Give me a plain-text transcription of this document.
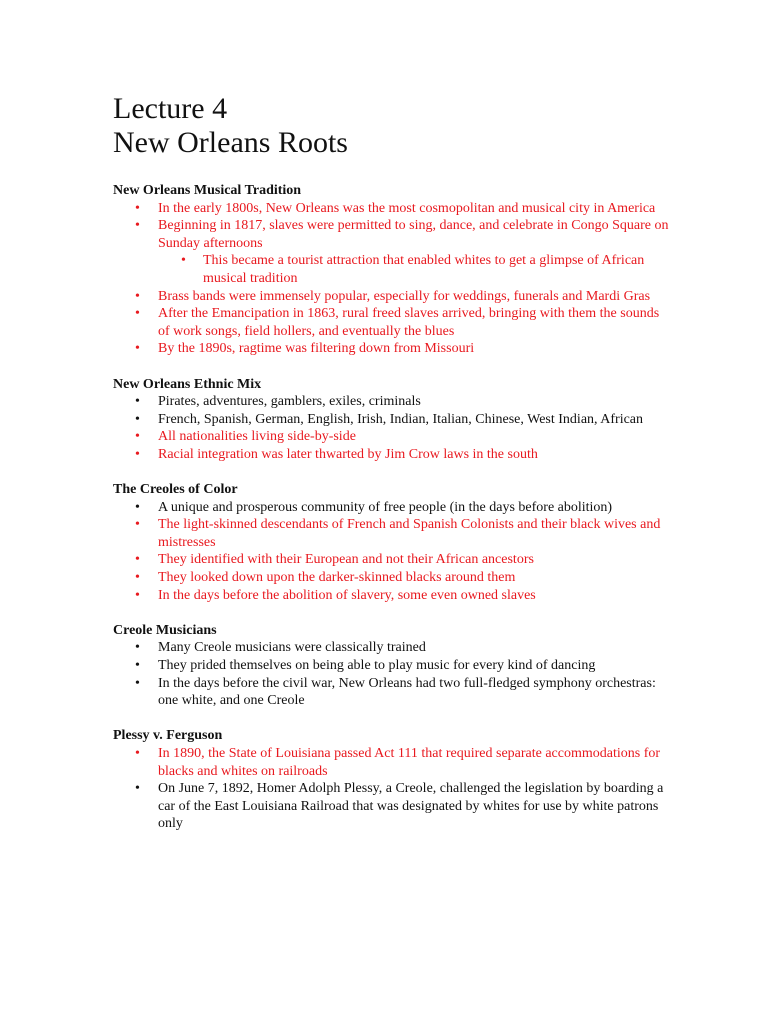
Lecture 4
New Orleans Roots
New Orleans Musical Tradition
• In the early 1800s, New Orleans was the most cosmopolitan and musical city in America
• Beginning in 1817, slaves were permitted to sing, dance, and celebrate in Congo Square on Sunday afternoons
• This became a tourist attraction that enabled whites to get a glimpse of African musical tradition
• Brass bands were immensely popular, especially for weddings, funerals and Mardi Gras
• After the Emancipation in 1863, rural freed slaves arrived, bringing with them the sounds of work songs, field hollers, and eventually the blues
• By the 1890s, ragtime was filtering down from Missouri
New Orleans Ethnic Mix
• Pirates, adventures, gamblers, exiles, criminals
• French, Spanish, German, English, Irish, Indian, Italian, Chinese, West Indian, African
• All nationalities living side-by-side
• Racial integration was later thwarted by Jim Crow laws in the south
The Creoles of Color
• A unique and prosperous community of free people (in the days before abolition)
• The light-skinned descendants of French and Spanish Colonists and their black wives and mistresses
• They identified with their European and not their African ancestors
• They looked down upon the darker-skinned blacks around them
• In the days before the abolition of slavery, some even owned slaves
Creole Musicians
• Many Creole musicians were classically trained
• They prided themselves on being able to play music for every kind of dancing
• In the days before the civil war, New Orleans had two full-fledged symphony orchestras: one white, and one Creole
Plessy v. Ferguson
• In 1890, the State of Louisiana passed Act 111 that required separate accommodations for blacks and whites on railroads
• On June 7, 1892, Homer Adolph Plessy, a Creole, challenged the legislation by boarding a car of the East Louisiana Railroad that was designated by whites for use by white patrons only
